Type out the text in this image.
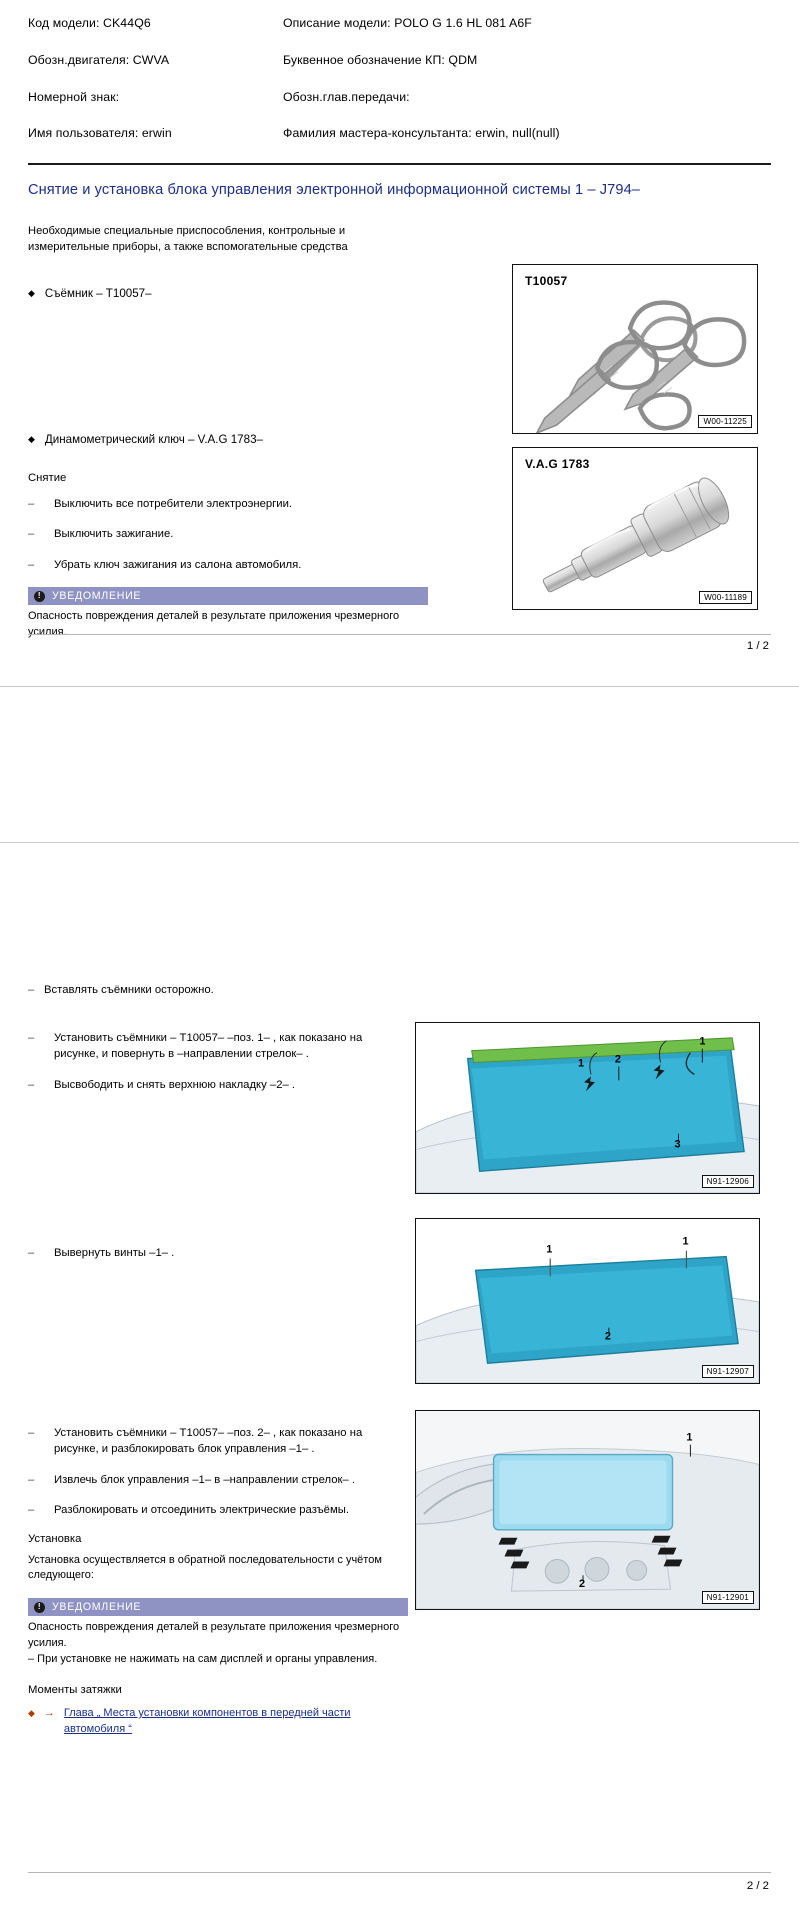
Код модели: CK44Q6	Описание модели: POLO G 1.6 HL 081 A6F
Обозн.двигателя: CWVA	Буквенное обозначение КП: QDM
Номерной знак:	Обозн.глав.передачи:
Имя пользователя: erwin	Фамилия мастера-консультанта: erwin, null(null)
Снятие и установка блока управления электронной информационной системы 1 – J794–
Необходимые специальные приспособления, контрольные и измерительные приборы, а также вспомогательные средства
◆ Съёмник – T10057–
T10057
W00-11225
◆ Динамометрический ключ – V.A.G 1783–
V.A.G 1783
W00-11189
Снятие
–	Выключить все потребители электроэнергии.
–	Выключить зажигание.
–	Убрать ключ зажигания из салона автомобиля.
!	УВЕДОМЛЕНИЕ
Опасность повреждения деталей в результате приложения чрезмерного усилия.
1 / 2
– Вставлять съёмники осторожно.
–	Установить съёмники – T10057– –поз. 1– , как показано на рисунке, и повернуть в –направлении стрелок– .
–	Высвободить и снять верхнюю накладку –2– .
1	2
1
3
N91-12906
–	Вывернуть винты –1– .	1
1
2
N91-12907
–	Установить съёмники – T10057– –поз. 2– , как показано на рисунке, и разблокировать блок управления –1– .
–	Извлечь блок управления –1– в –направлении стрелок– .
–	Разблокировать и отсоединить электрические разъёмы.
Установка
Установка осуществляется в обратной последовательности с учётом следующего:
!	УВЕДОМЛЕНИЕ
Опасность повреждения деталей в результате приложения чрезмерного усилия.
– При установке не нажимать на сам дисплей и органы управления.
Моменты затяжки
◆ → Глава „ Места установки компонентов в передней части автомобиля “
1
2
N91-12901
2 / 2
